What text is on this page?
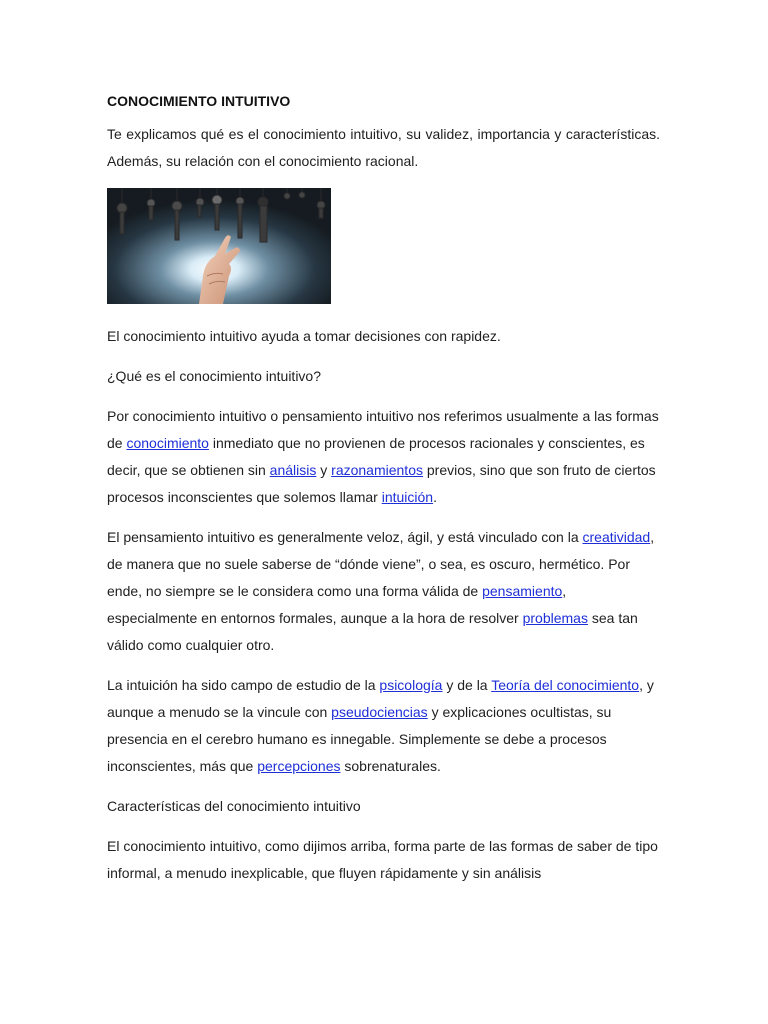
CONOCIMIENTO INTUITIVO

Te explicamos qué es el conocimiento intuitivo, su validez, importancia y características. Además, su relación con el conocimiento racional.

El conocimiento intuitivo ayuda a tomar decisiones con rapidez.

¿Qué es el conocimiento intuitivo?

Por conocimiento intuitivo o pensamiento intuitivo nos referimos usualmente a las formas de conocimiento inmediato que no provienen de procesos racionales y conscientes, es decir, que se obtienen sin análisis y razonamientos previos, sino que son fruto de ciertos procesos inconscientes que solemos llamar intuición.

El pensamiento intuitivo es generalmente veloz, ágil, y está vinculado con la creatividad, de manera que no suele saberse de “dónde viene”, o sea, es oscuro, hermético. Por ende, no siempre se le considera como una forma válida de pensamiento, especialmente en entornos formales, aunque a la hora de resolver problemas sea tan válido como cualquier otro.

La intuición ha sido campo de estudio de la psicología y de la Teoría del conocimiento, y aunque a menudo se la vincule con pseudociencias y explicaciones ocultistas, su presencia en el cerebro humano es innegable. Simplemente se debe a procesos inconscientes, más que percepciones sobrenaturales.

Características del conocimiento intuitivo

El conocimiento intuitivo, como dijimos arriba, forma parte de las formas de saber de tipo informal, a menudo inexplicable, que fluyen rápidamente y sin análisis
